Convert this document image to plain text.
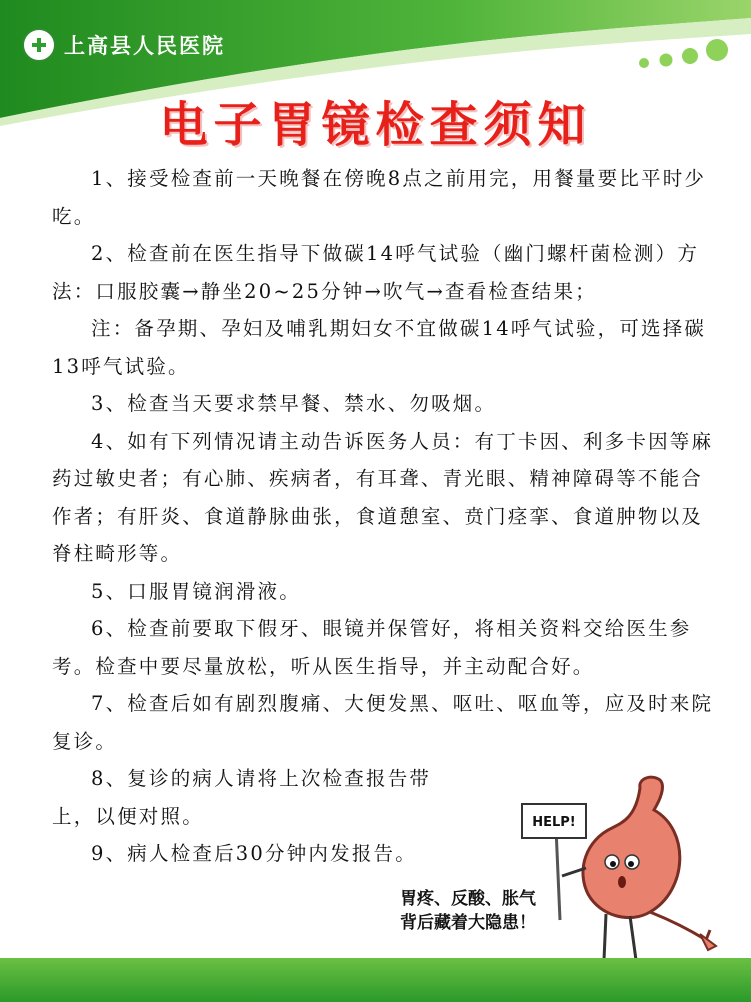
上高县人民医院
电子胃镜检查须知

1、接受检查前一天晚餐在傍晚8点之前用完，用餐量要比平时少吃。

2、检查前在医生指导下做碳14呼气试验（幽门螺杆菌检测）方法：口服胶囊→静坐20~25分钟→吹气→查看检查结果；

注：备孕期、孕妇及哺乳期妇女不宜做碳14呼气试验，可选择碳13呼气试验。

3、检查当天要求禁早餐、禁水、勿吸烟。

4、如有下列情况请主动告诉医务人员：有丁卡因、利多卡因等麻药过敏史者；有心肺、疾病者，有耳聋、青光眼、精神障碍等不能合作者；有肝炎、食道静脉曲张，食道憩室、贲门痉挛、食道肿物以及脊柱畸形等。

5、口服胃镜润滑液。

6、检查前要取下假牙、眼镜并保管好，将相关资料交给医生参考。检查中要尽量放松，听从医生指导，并主动配合好。

7、检查后如有剧烈腹痛、大便发黑、呕吐、呕血等，应及时来院复诊。

8、复诊的病人请将上次检查报告带上，以便对照。

9、病人检查后30分钟内发报告。

HELP!
胃疼、反酸、胀气
背后藏着大隐患！
